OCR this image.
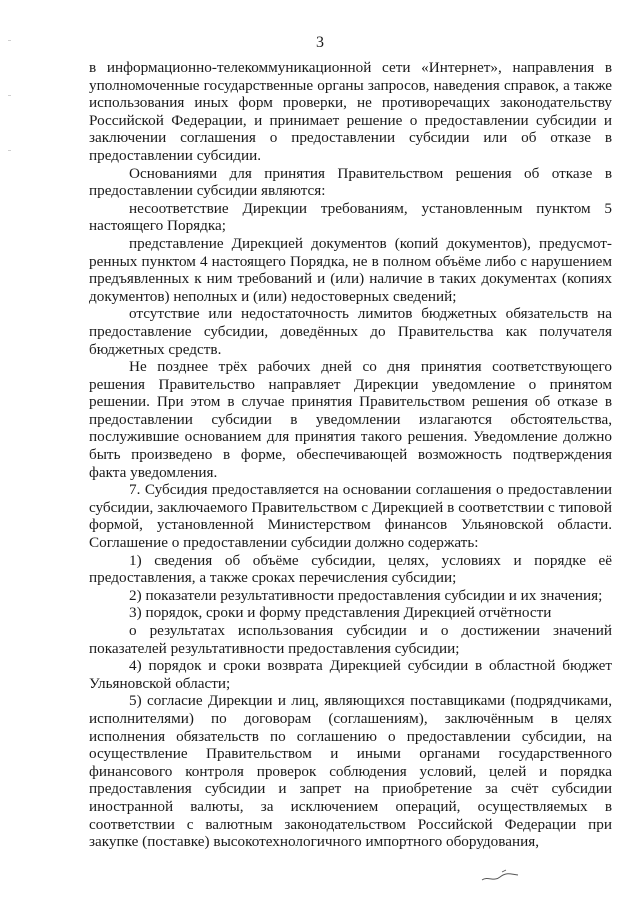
3

в информационно-телекоммуникационной сети «Интернет», направления в уполномоченные государственные органы запросов, наведения справок, а также использования иных форм проверки, не противоречащих законодательству Российской Федерации, и принимает решение о предоставлении субсидии и заключении соглашения о предоставлении субсидии или об отказе в предоставлении субсидии.

Основаниями для принятия Правительством решения об отказе в предоставлении субсидии являются:

несоответствие Дирекции требованиям, установленным пунктом 5 настоящего Порядка;

представление Дирекцией документов (копий документов), предусмот-ренных пунктом 4 настоящего Порядка, не в полном объёме либо с нарушением предъявленных к ним требований и (или) наличие в таких документах (копиях документов) неполных и (или) недостоверных сведений;

отсутствие или недостаточность лимитов бюджетных обязательств на предоставление субсидии, доведённых до Правительства как получателя бюджетных средств.

Не позднее трёх рабочих дней со дня принятия соответствующего решения Правительство направляет Дирекции уведомление о принятом решении. При этом в случае принятия Правительством решения об отказе в предоставлении субсидии в уведомлении излагаются обстоятельства, послужившие основанием для принятия такого решения. Уведомление должно быть произведено в форме, обеспечивающей возможность подтверждения факта уведомления.

7. Субсидия предоставляется на основании соглашения о предоставлении субсидии, заключаемого Правительством с Дирекцией в соответствии с типовой формой, установленной Министерством финансов Ульяновской области. Соглашение о предоставлении субсидии должно содержать:

1) сведения об объёме субсидии, целях, условиях и порядке её предоставления, а также сроках перечисления субсидии;

2) показатели результативности предоставления субсидии и их значения;

3) порядок, сроки и форму представления Дирекцией отчётности

о результатах использования субсидии и о достижении значений показателей результативности предоставления субсидии;

4) порядок и сроки возврата Дирекцией субсидии в областной бюджет Ульяновской области;

5) согласие Дирекции и лиц, являющихся поставщиками (подрядчиками, исполнителями) по договорам (соглашениям), заключённым в целях исполнения обязательств по соглашению о предоставлении субсидии, на осуществление Правительством и иными органами государственного финансового контроля проверок соблюдения условий, целей и порядка предоставления субсидии и запрет на приобретение за счёт субсидии иностранной валюты, за исключением операций, осуществляемых в соответствии с валютным законодательством Российской Федерации при закупке (поставке) высокотехнологичного импортного оборудования,
